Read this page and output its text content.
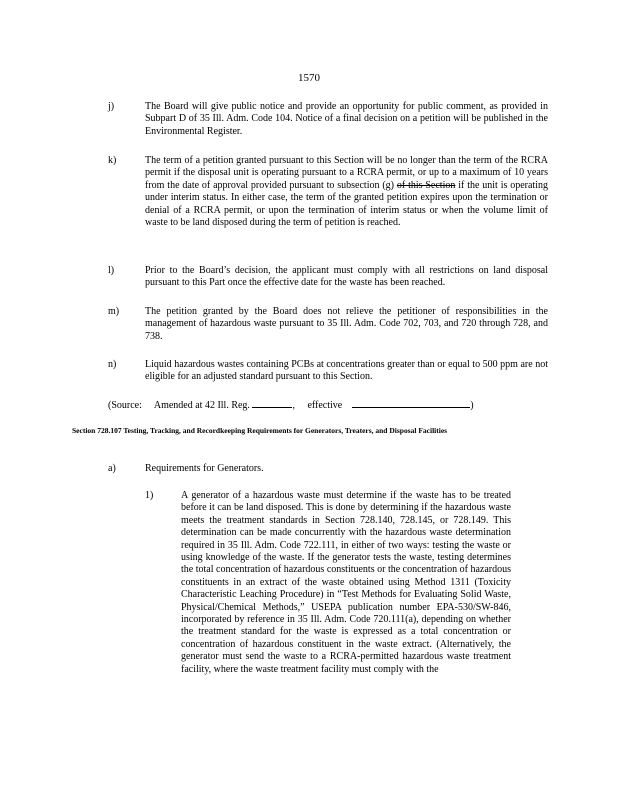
1570
j)	The Board will give public notice and provide an opportunity for public comment, as provided in Subpart D of 35 Ill. Adm. Code 104. Notice of a final decision on a petition will be published in the Environmental Register.
k)	The term of a petition granted pursuant to this Section will be no longer than the term of the RCRA permit if the disposal unit is operating pursuant to a RCRA permit, or up to a maximum of 10 years from the date of approval provided pursuant to subsection (g) of this Section if the unit is operating under interim status. In either case, the term of the granted petition expires upon the termination or denial of a RCRA permit, or upon the termination of interim status or when the volume limit of waste to be land disposed during the term of petition is reached.
l)	Prior to the Board’s decision, the applicant must comply with all restrictions on land disposal pursuant to this Part once the effective date for the waste has been reached.
m)	The petition granted by the Board does not relieve the petitioner of responsibilities in the management of hazardous waste pursuant to 35 Ill. Adm. Code 702, 703, and 720 through 728, and 738.
n)	Liquid hazardous wastes containing PCBs at concentrations greater than or equal to 500 ppm are not eligible for an adjusted standard pursuant to this Section.
(Source: Amended at 42 Ill. Reg.	, effective	)
Section 728.107 Testing, Tracking, and Recordkeeping Requirements for Generators, Treaters, and Disposal Facilities
a)	Requirements for Generators.
1)	A generator of a hazardous waste must determine if the waste has to be treated before it can be land disposed. This is done by determining if the hazardous waste meets the treatment standards in Section 728.140, 728.145, or 728.149. This determination can be made concurrently with the hazardous waste determination required in 35 Ill. Adm. Code 722.111, in either of two ways: testing the waste or using knowledge of the waste. If the generator tests the waste, testing determines the total concentration of hazardous constituents or the concentration of hazardous constituents in an extract of the waste obtained using Method 1311 (Toxicity Characteristic Leaching Procedure) in “Test Methods for Evaluating Solid Waste, Physical/Chemical Methods,” USEPA publication number EPA-530/SW-846, incorporated by reference in 35 Ill. Adm. Code 720.111(a), depending on whether the treatment standard for the waste is expressed as a total concentration or concentration of hazardous constituent in the waste extract. (Alternatively, the generator must send the waste to a RCRA-permitted hazardous waste treatment facility, where the waste treatment facility must comply with the
